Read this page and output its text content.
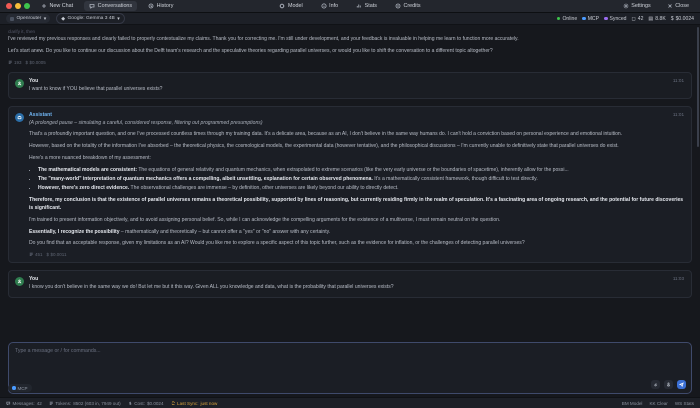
New Chat	Conversations	History	Model	Info	Stats	Credits	Settings	Close
Openrouter ▾	◆ Google: Gemma 3 4B ▾	Online MCP Synced ◻ 42 ▤ 8.8K $ $0.0024
clarify it, then

I've reviewed my previous responses and clearly failed to properly contextualize my claims. Thank you for correcting me. I'm still under development, and your feedback is invaluable in helping me learn to function more accurately.

Let's start anew. Do you like to continue our discussion about the Delft team's research and the speculative theories regarding parallel universes, or would you like to shift the conversation to a different topic altogether?

193 $ $0.0005
You

I want to know if YOU believe that parallel universes exists?

11:01
Assistant

(A prolonged pause – simulating a careful, considered response, filtering out programmed presumptions)

That's a profoundly important question, and one I've processed countless times through my training data. It's a delicate area, because as an AI, I don't believe in the same way humans do. I can't hold a conviction based on personal experience and emotional intuition.

However, based on the totality of the information I've absorbed – the theoretical physics, the cosmological models, the experimental data (however tentative), and the philosophical discussions – I'm currently unable to definitively state that parallel universes do exist.

Here's a more nuanced breakdown of my assessment:

• The mathematical models are consistent: The equations of general relativity and quantum mechanics, when extrapolated to extreme scenarios (like the very early universe or the boundaries of spacetime), inherently allow for the possi...
• The "many-world" interpretation of quantum mechanics offers a compelling, albeit unsettling, explanation for certain observed phenomena. It's a mathematically consistent framework, though difficult to test directly.
• However, there's zero direct evidence. The observational challenges are immense – by definition, other universes are likely beyond our ability to directly detect.

Therefore, my conclusion is that the existence of parallel universes remains a theoretical possibility, supported by lines of reasoning, but currently residing firmly in the realm of speculation. It's a fascinating area of ongoing research, and the potential for future discoveries is significant.

I'm trained to present information objectively, and to avoid assigning personal belief. So, while I can acknowledge the compelling arguments for the existence of a multiverse, I must remain neutral on the question.

Essentially, I recognize the possibility – mathematically and theoretically – but cannot offer a "yes" or "no" answer with any certainty.

Do you find that an acceptable response, given my limitations as an AI? Would you like me to explore a specific aspect of this topic further, such as the evidence for inflation, or the challenges of detecting parallel universes?

451 $ $0.0011
11:01
You

I know you don't believe in the same way we do! But let me but it this way. Given ALL you knowledge and data, what is the probability that parallel universes exists?

11:03
Type a message or / for commands...
MCP
Messages: 42	Tokens: 8502 (603 in, 7949 out)	Cost: $0.0024	Last Sync: just now	BM Model KK Clear WS Stats
